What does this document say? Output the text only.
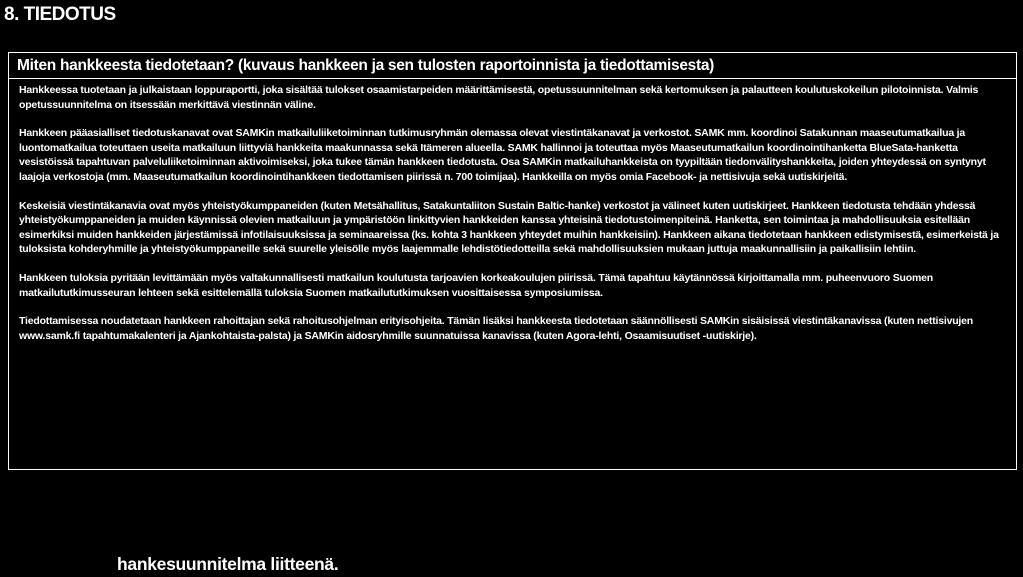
8. TIEDOTUS
Miten hankkeesta tiedotetaan? (kuvaus hankkeen ja sen tulosten raportoinnista ja tiedottamisesta)

Hankkeessa tuotetaan ja julkaistaan loppuraportti, joka sisältää tulokset osaamistarpeiden määrittämisestä, opetussuunnitelman sekä kertomuksen ja palautteen koulutuskokeilun pilotoinnista. Valmis opetussuunnitelma on itsessään merkittävä viestinnän väline.

Hankkeen pääasialliset tiedotuskanavat ovat SAMKin matkailuliiketoiminnan tutkimusryhmän olemassa olevat viestintäkanavat ja verkostot. SAMK mm. koordinoi Satakunnan maaseutumatkailua ja luontomatkailua toteuttaen useita matkailuun liittyviä hankkeita maakunnassa sekä Itämeren alueella. SAMK hallinnoi ja toteuttaa myös Maaseutumatkailun koordinointihanketta BlueSata-hanketta vesistöissä tapahtuvan palveluliiketoiminnan aktivoimiseksi, joka tukee tämän hankkeen tiedotusta. Osa SAMKin matkailuhankkeista on tyypiltään tiedonvälityshankkeita, joiden yhteydessä on syntynyt laajoja verkostoja (mm. Maaseutumatkailun koordinointihankkeen tiedottamisen piirissä n. 700 toimijaa). Hankkeilla on myös omia Facebook- ja nettisivuja sekä uutiskirjeitä.

Keskeisiä viestintäkanavia ovat myös yhteistyökumppaneiden (kuten Metsähallitus, Satakuntaliiton Sustain Baltic-hanke) verkostot ja välineet kuten uutiskirjeet. Hankkeen tiedotusta tehdään yhdessä yhteistyökumppaneiden ja muiden käynnissä olevien matkailuun ja ympäristöön linkittyvien hankkeiden kanssa yhteisinä tiedotustoimenpiteinä. Hanketta, sen toimintaa ja mahdollisuuksia esitellään esimerkiksi muiden hankkeiden järjestämissä infotilaisuuksissa ja seminaareissa (ks. kohta 3 hankkeen yhteydet muihin hankkeisiin). Hankkeen aikana tiedotetaan hankkeen edistymisestä, esimerkeistä ja tuloksista kohderyhmille ja yhteistyökumppaneille sekä suurelle yleisölle myös laajemmalle lehdistötiedotteilla sekä mahdollisuuksien mukaan juttuja maakunnallisiin ja paikallisiin lehtiin.

Hankkeen tuloksia pyritään levittämään myös valtakunnallisesti matkailun koulutusta tarjoavien korkeakoulujen piirissä. Tämä tapahtuu käytännössä kirjoittamalla mm. puheenvuoro Suomen matkailututkimusseuran lehteen sekä esittelemällä tuloksia Suomen matkailututkimuksen vuosittaisessa symposiumissa.

Tiedottamisessa noudatetaan hankkeen rahoittajan sekä rahoitusohjelman erityisohjeita. Tämän lisäksi hankkeesta tiedotetaan säännöllisesti SAMKin sisäisissä viestintäkanavissa (kuten nettisivujen www.samk.fi tapahtumakalenteri ja Ajankohtaista-palsta) ja SAMKin aidosryhmille suunnatuissa kanavissa (kuten Agora-lehti, Osaamisuutiset -uutiskirje).

hankesuunnitelma liitteenä.
